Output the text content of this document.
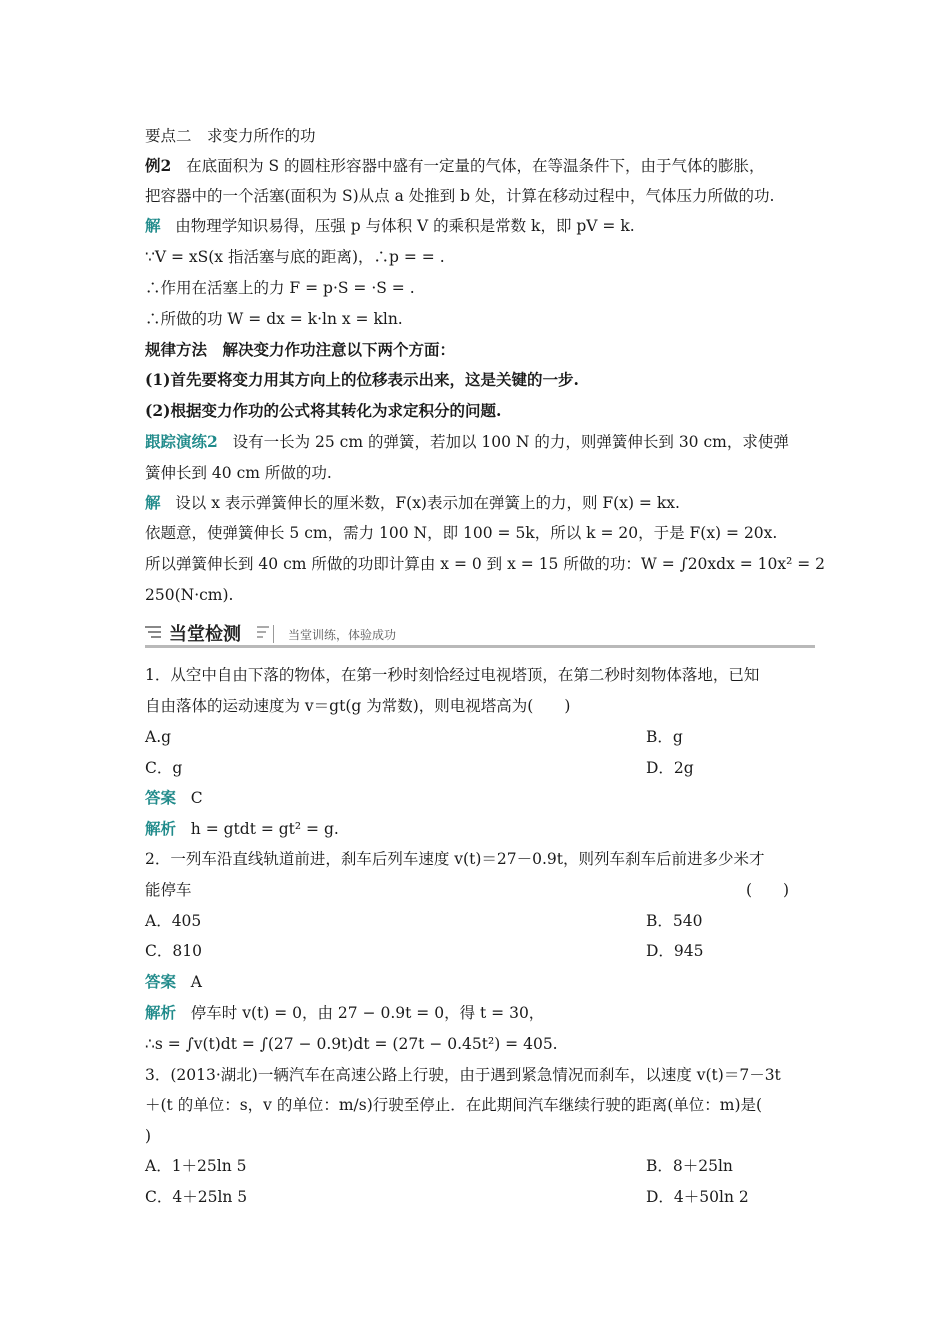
要点二　求变力所作的功
例2 在底面积为 S 的圆柱形容器中盛有一定量的气体，在等温条件下，由于气体的膨胀，
把容器中的一个活塞(面积为 S)从点 a 处推到 b 处，计算在移动过程中，气体压力所做的功.
解 由物理学知识易得，压强 p 与体积 V 的乘积是常数 k，即 pV = k.
∵V = xS(x 指活塞与底的距离)，∴p = = .
∴作用在活塞上的力 F = p·S = ·S = .
∴所做的功 W = dx = k·ln x = kln.
规律方法　解决变力作功注意以下两个方面：
(1)首先要将变力用其方向上的位移表示出来，这是关键的一步.
(2)根据变力作功的公式将其转化为求定积分的问题.
跟踪演练2 设有一长为 25 cm 的弹簧，若加以 100 N 的力，则弹簧伸长到 30 cm，求使弹
簧伸长到 40 cm 所做的功.
解 设以 x 表示弹簧伸长的厘米数，F(x)表示加在弹簧上的力，则 F(x) = kx.
依题意，使弹簧伸长 5 cm，需力 100 N，即 100 = 5k，所以 k = 20，于是 F(x) = 20x.
所以弹簧伸长到 40 cm 所做的功即计算由 x = 0 到 x = 15 所做的功：W = ∫20xdx = 10x² = 2
250(N·cm).
当堂检测	当堂训练，体验成功
1．从空中自由下落的物体，在第一秒时刻恰经过电视塔顶，在第二秒时刻物体落地，已知
自由落体的运动速度为 v＝gt(g 为常数)，则电视塔高为(　　)
A.g	B．g
C．g	D．2g
答案 C
解析 h = gtdt = gt² = g.
2．一列车沿直线轨道前进，刹车后列车速度 v(t)＝27－0.9t，则列车刹车后前进多少米才
能停车	(　　)
A．405	B．540
C．810	D．945
答案 A
解析 停车时 v(t) = 0，由 27 − 0.9t = 0，得 t = 30，
∴s = ∫v(t)dt = ∫(27 − 0.9t)dt = (27t − 0.45t²) = 405.
3．(2013·湖北)一辆汽车在高速公路上行驶，由于遇到紧急情况而刹车，以速度 v(t)＝7－3t
＋(t 的单位：s，v 的单位：m/s)行驶至停止．在此期间汽车继续行驶的距离(单位：m)是(
)
A．1＋25ln 5	B．8＋25ln
C．4＋25ln 5	D．4＋50ln 2
